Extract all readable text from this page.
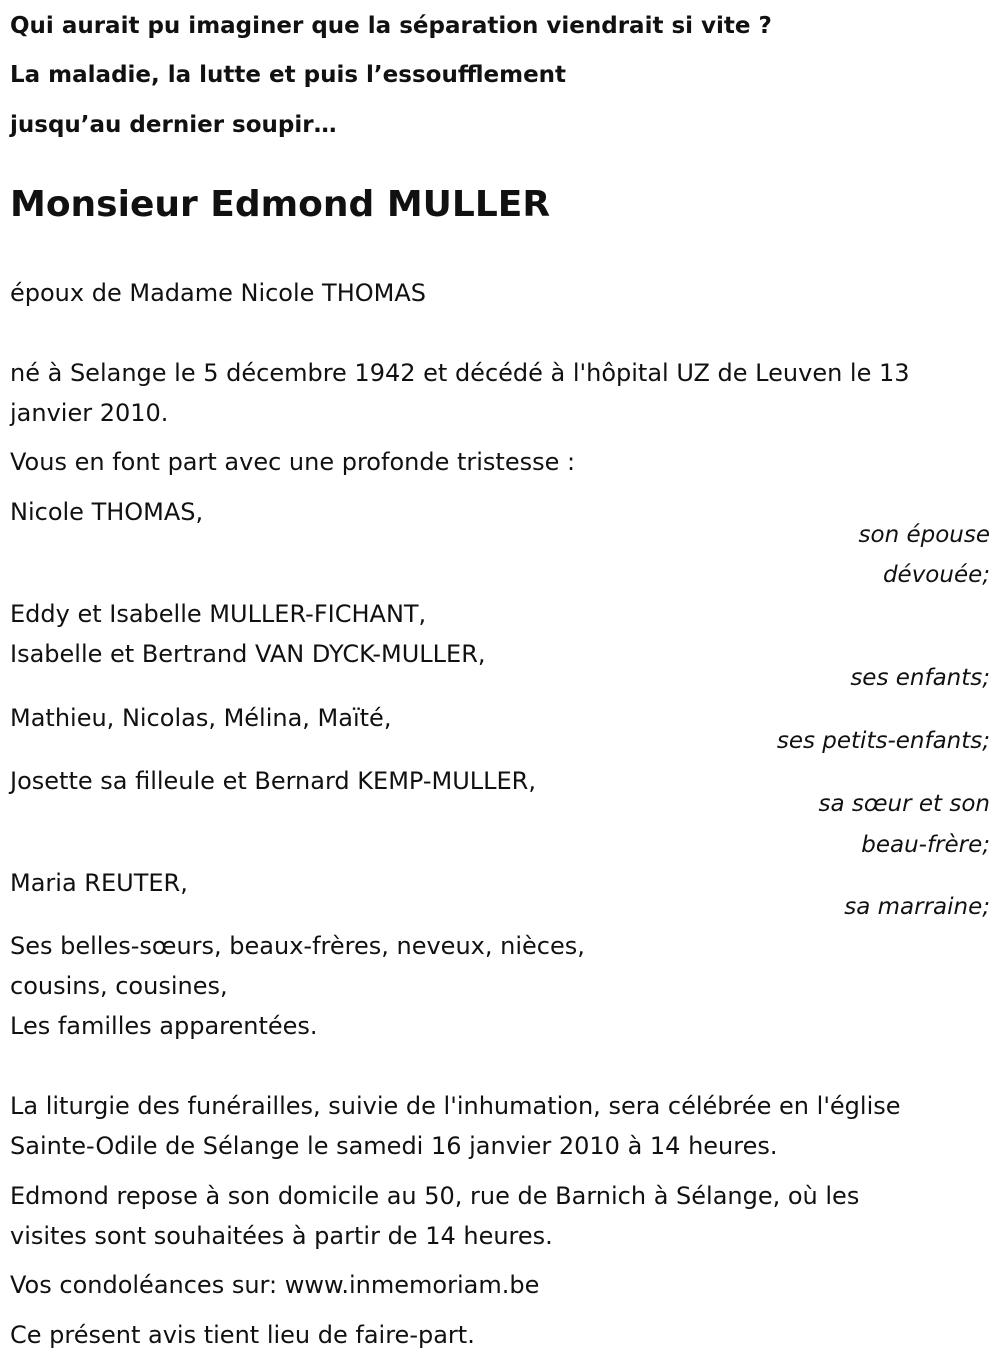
Qui aurait pu imaginer que la séparation viendrait si vite ?
La maladie, la lutte et puis l’essoufflement
jusqu’au dernier soupir…
Monsieur Edmond MULLER
époux de Madame Nicole THOMAS
né à Selange le 5 décembre 1942 et décédé à l'hôpital UZ de Leuven le 13
janvier 2010.
Vous en font part avec une profonde tristesse :
Nicole THOMAS,
son épouse
dévouée;
Eddy et Isabelle MULLER-FICHANT,
Isabelle et Bertrand VAN DYCK-MULLER,
ses enfants;
Mathieu, Nicolas, Mélina, Maïté,
ses petits-enfants;
Josette sa filleule et Bernard KEMP-MULLER,
sa sœur et son
beau-frère;
Maria REUTER,
sa marraine;
Ses belles-sœurs, beaux-frères, neveux, nièces,
cousins, cousines,
Les familles apparentées.
La liturgie des funérailles, suivie de l'inhumation, sera célébrée en l'église
Sainte-Odile de Sélange le samedi 16 janvier 2010 à 14 heures.
Edmond repose à son domicile au 50, rue de Barnich à Sélange, où les
visites sont souhaitées à partir de 14 heures.
Vos condoléances sur: www.inmemoriam.be
Ce présent avis tient lieu de faire-part.
